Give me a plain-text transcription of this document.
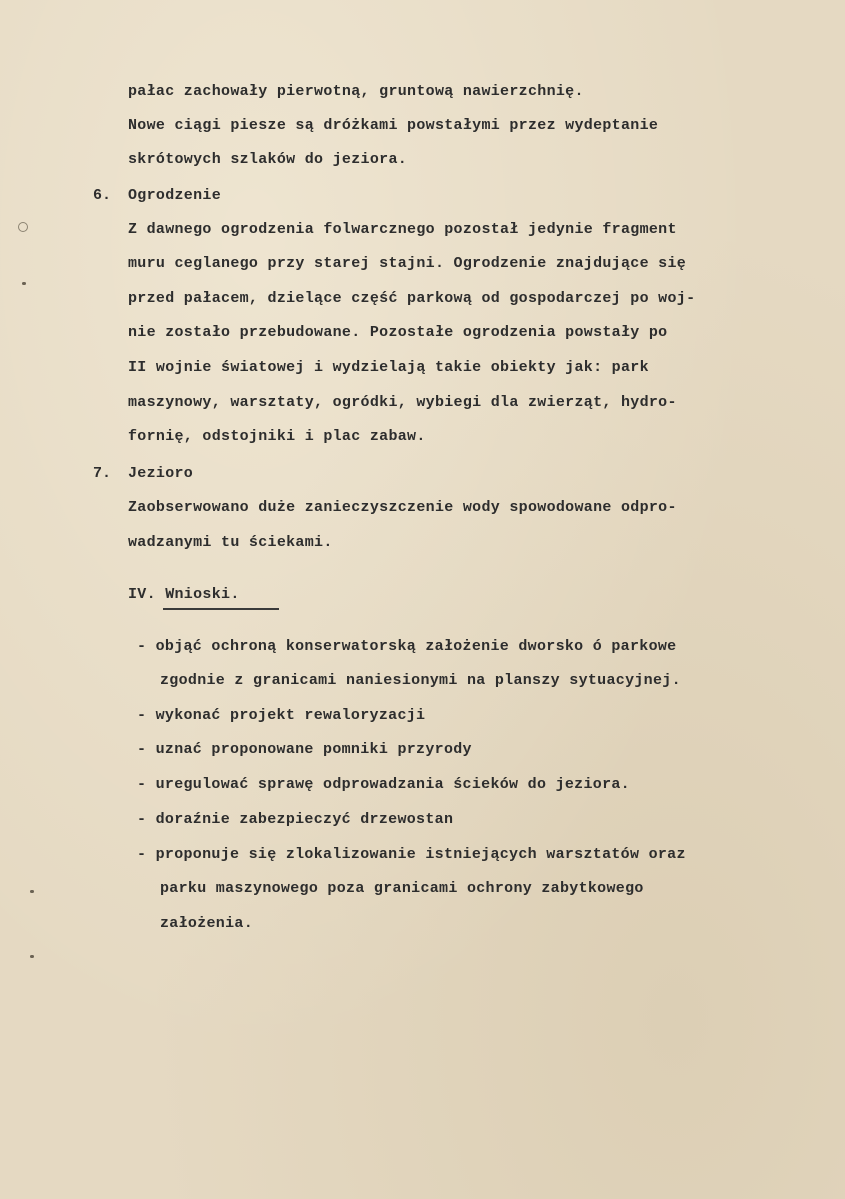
pałac zachowały pierwotną, gruntową nawierzchnię.
Nowe ciągi piesze są dróżkami powstałymi przez wydeptanie
skrótowych szlaków do jeziora.
6. Ogrodzenie
Z dawnego ogrodzenia folwarcznego pozostał jedynie fragment
muru ceglanego przy starej stajni. Ogrodzenie znajdujące się
przed pałacem, dzielące część parkową od gospodarczej po woj-
nie zostało przebudowane. Pozostałe ogrodzenia powstały po
II wojnie światowej i wydzielają takie obiekty jak: park
maszynowy, warsztaty, ogródki, wybiegi dla zwierząt, hydro-
fornię, odstojniki i plac zabaw.
7. Jezioro
Zaobserwowano duże zanieczyszczenie wody spowodowane odpro-
wadzanymi tu ściekami.
IV. Wnioski.
- objąć ochroną konserwatorską założenie dworsko ó parkowe
zgodnie z granicami naniesionymi na planszy sytuacyjnej.
- wykonać projekt rewaloryzacji
- uznać proponowane pomniki przyrody
- uregulować sprawę odprowadzania ścieków do jeziora.
- doraźnie zabezpieczyć drzewostan
- proponuje się zlokalizowanie istniejących warsztatów oraz
parku maszynowego poza granicami ochrony zabytkowego
założenia.
